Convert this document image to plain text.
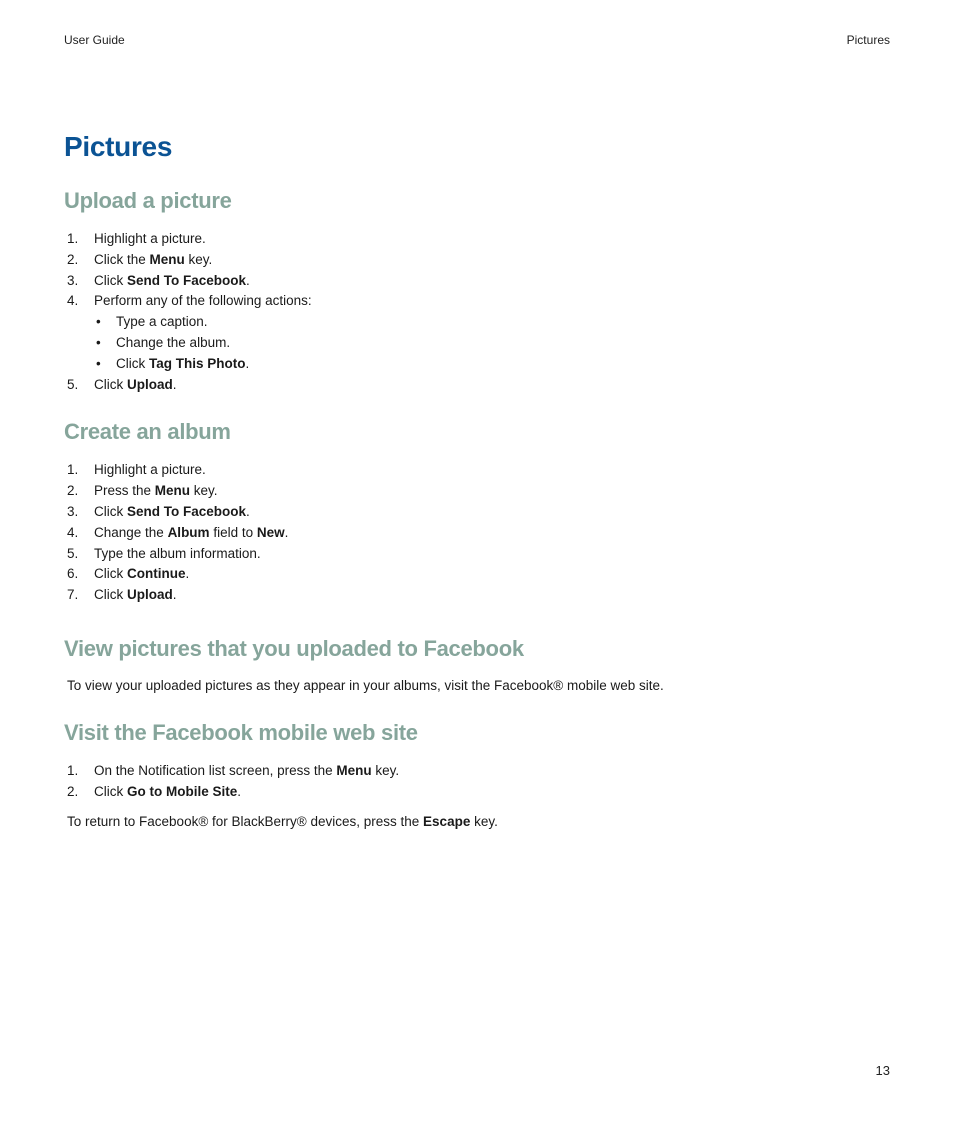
User Guide	Pictures
Pictures
Upload a picture
1. Highlight a picture.
2. Click the Menu key.
3. Click Send To Facebook.
4. Perform any of the following actions:
• Type a caption.
• Change the album.
• Click Tag This Photo.
5. Click Upload.
Create an album
1. Highlight a picture.
2. Press the Menu key.
3. Click Send To Facebook.
4. Change the Album field to New.
5. Type the album information.
6. Click Continue.
7. Click Upload.
View pictures that you uploaded to Facebook

To view your uploaded pictures as they appear in your albums, visit the Facebook® mobile web site.

Visit the Facebook mobile web site
1. On the Notification list screen, press the Menu key.
2. Click Go to Mobile Site.

To return to Facebook® for BlackBerry® devices, press the Escape key.

13
